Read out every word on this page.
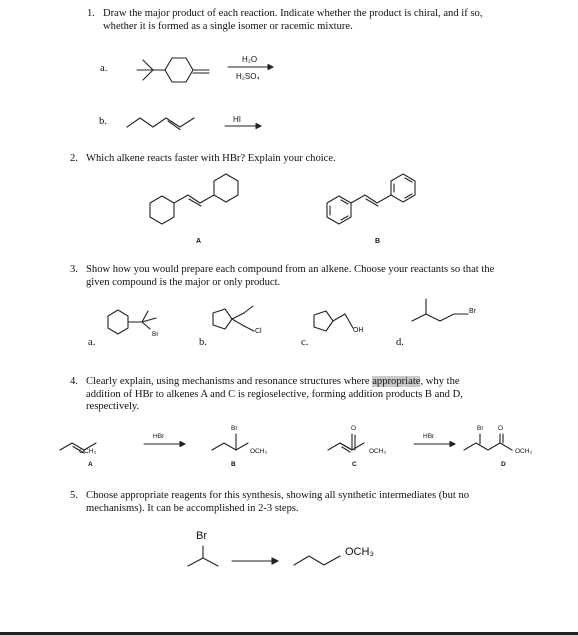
1. Draw the major product of each reaction. Indicate whether the product is chiral, and if so,
whether it is formed as a single isomer or racemic mixture.
a.
b.
H₂O
H₂SO₄
HI
2. Which alkene reacts faster with HBr? Explain your choice.
A	B
3. Show how you would prepare each compound from an alkene. Choose your reactants so that the
given compound is the major or only product.
a.	b.	c.	d.
Br	Cl	OH
Br
4. Clearly explain, using mechanisms and resonance structures where appropriate, why the
addition of HBr to alkenes A and C is regioselective, forming addition products B and D,
respectively.
HBr	HBr
OCH₃
Br
OCH₃
O
OCH₃
Br O
OCH₃
A	B	C	D
5. Choose appropriate reagents for this synthesis, showing all synthetic intermediates (but no
mechanisms). It can be accomplished in 2-3 steps.
Br
OCH₃
